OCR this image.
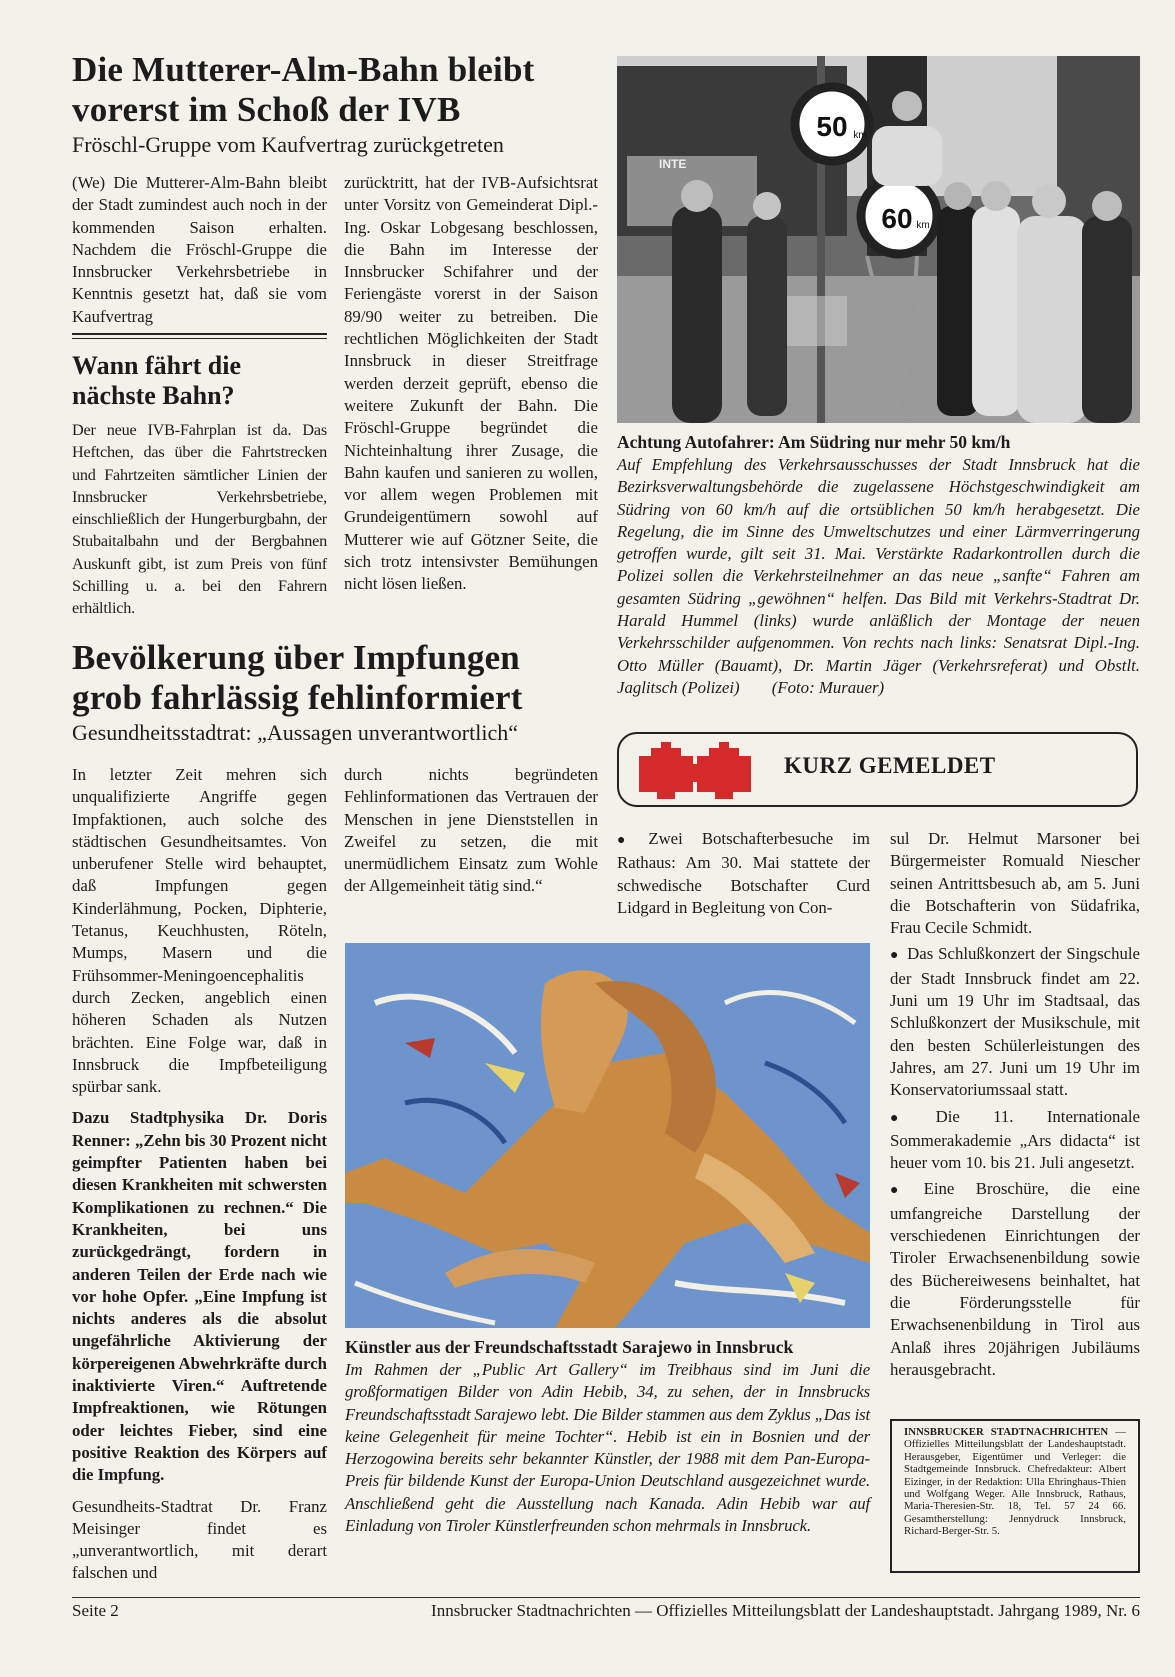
Die Mutterer-Alm-Bahn bleibt
vorerst im Schoß der IVB
Fröschl-Gruppe vom Kaufvertrag zurückgetreten

(We) Die Mutterer-Alm-Bahn bleibt der Stadt zumindest auch noch in der kommenden Saison erhalten. Nachdem die Fröschl-Gruppe die Innsbrucker Verkehrsbetriebe in Kenntnis gesetzt hat, daß sie vom Kaufvertrag

Wann fährt die
nächste Bahn?
Der neue IVB-Fahrplan ist da. Das Heftchen, das über die Fahrtstrecken und Fahrtzeiten sämtlicher Linien der Innsbrucker Verkehrsbetriebe, einschließlich der Hungerburgbahn, der Stubaitalbahn und der Bergbahnen Auskunft gibt, ist zum Preis von fünf Schilling u. a. bei den Fahrern erhältlich.

zurücktritt, hat der IVB-Aufsichtsrat unter Vorsitz von Gemeinderat Dipl.-Ing. Oskar Lobgesang beschlossen, die Bahn im Interesse der Innsbrucker Schifahrer und der Feriengäste vorerst in der Saison 89/90 weiter zu betreiben. Die rechtlichen Möglichkeiten der Stadt Innsbruck in dieser Streitfrage werden derzeit geprüft, ebenso die weitere Zukunft der Bahn. Die Fröschl-Gruppe begründet die Nichteinhaltung ihrer Zusage, die Bahn kaufen und sanieren zu wollen, vor allem wegen Problemen mit Grundeigentümern sowohl auf Mutterer wie auf Götzner Seite, die sich trotz intensivster Bemühungen nicht lösen ließen.

50 km
60 km
INTE
Achtung Autofahrer: Am Südring nur mehr 50 km/h
Auf Empfehlung des Verkehrsausschusses der Stadt Innsbruck hat die Bezirksverwaltungsbehörde die zugelassene Höchstgeschwindigkeit am Südring von 60 km/h auf die ortsüblichen 50 km/h herabgesetzt. Die Regelung, die im Sinne des Umweltschutzes und einer Lärmverringerung getroffen wurde, gilt seit 31. Mai. Verstärkte Radarkontrollen durch die Polizei sollen die Verkehrsteilnehmer an das neue „sanfte“ Fahren am gesamten Südring „gewöhnen“ helfen. Das Bild mit Verkehrs-Stadtrat Dr. Harald Hummel (links) wurde anläßlich der Montage der neuen Verkehrsschilder aufgenommen. Von rechts nach links: Senatsrat Dipl.-Ing. Otto Müller (Bauamt), Dr. Martin Jäger (Verkehrsreferat) und Obstlt. Jaglitsch (Polizei) (Foto: Murauer)
Bevölkerung über Impfungen
grob fahrlässig fehlinformiert
Gesundheitsstadtrat: „Aussagen unverantwortlich“

In letzter Zeit mehren sich unqualifizierte Angriffe gegen Impfaktionen, auch solche des städtischen Gesundheitsamtes. Von unberufener Stelle wird behauptet, daß Impfungen gegen Kinderlähmung, Pocken, Diphterie, Tetanus, Keuchhusten, Röteln, Mumps, Masern und die Frühsommer-Meningoencephalitis durch Zecken, angeblich einen höheren Schaden als Nutzen brächten. Eine Folge war, daß in Innsbruck die Impfbeteiligung spürbar sank.

Dazu Stadtphysika Dr. Doris Renner: „Zehn bis 30 Prozent nicht geimpfter Patienten haben bei diesen Krankheiten mit schwersten Komplikationen zu rechnen.“ Die Krankheiten, bei uns zurückgedrängt, fordern in anderen Teilen der Erde nach wie vor hohe Opfer. „Eine Impfung ist nichts anderes als die absolut ungefährliche Aktivierung der körpereigenen Abwehrkräfte durch inaktivierte Viren.“ Auftretende Impfreaktionen, wie Rötungen oder leichtes Fieber, sind eine positive Reaktion des Körpers auf die Impfung.

Gesundheits-Stadtrat Dr. Franz Meisinger findet es „unverantwortlich, mit derart falschen und

durch nichts begründeten Fehlinformationen das Vertrauen der Menschen in jene Dienststellen in Zweifel zu setzen, die mit unermüdlichem Einsatz zum Wohle der Allgemeinheit tätig sind.“

Künstler aus der Freundschaftsstadt Sarajewo in Innsbruck
Im Rahmen der „Public Art Gallery“ im Treibhaus sind im Juni die großformatigen Bilder von Adin Hebib, 34, zu sehen, der in Innsbrucks Freundschaftsstadt Sarajewo lebt. Die Bilder stammen aus dem Zyklus „Das ist keine Gelegenheit für meine Tochter“. Hebib ist ein in Bosnien und der Herzogowina bereits sehr bekannter Künstler, der 1988 mit dem Pan-Europa-Preis für bildende Kunst der Europa-Union Deutschland ausgezeichnet wurde. Anschließend geht die Ausstellung nach Kanada. Adin Hebib war auf Einladung von Tiroler Künstlerfreunden schon mehrmals in Innsbruck.
KURZ GEMELDET

● Zwei Botschafterbesuche im Rathaus: Am 30. Mai stattete der schwedische Botschafter Curd Lidgard in Begleitung von Con-

sul Dr. Helmut Marsoner bei Bürgermeister Romuald Niescher seinen Antrittsbesuch ab, am 5. Juni die Botschafterin von Südafrika, Frau Cecile Schmidt.

● Das Schlußkonzert der Singschule der Stadt Innsbruck findet am 22. Juni um 19 Uhr im Stadtsaal, das Schlußkonzert der Musikschule, mit den besten Schülerleistungen des Jahres, am 27. Juni um 19 Uhr im Konservatoriumssaal statt.

● Die 11. Internationale Sommerakademie „Ars didacta“ ist heuer vom 10. bis 21. Juli angesetzt.

● Eine Broschüre, die eine umfangreiche Darstellung der verschiedenen Einrichtungen der Tiroler Erwachsenenbildung sowie des Büchereiwesens beinhaltet, hat die Förderungsstelle für Erwachsenenbildung in Tirol aus Anlaß ihres 20jährigen Jubiläums herausgebracht.

INNSBRUCKER STADTNACHRICHTEN — Offizielles Mitteilungsblatt der Landeshauptstadt. Herausgeber, Eigentümer und Verleger: die Stadtgemeinde Innsbruck. Chefredakteur: Albert Eizinger, in der Redaktion: Ulla Ehringhaus-Thien und Wolfgang Weger. Alle Innsbruck, Rathaus, Maria-Theresien-Str. 18, Tel. 57 24 66. Gesamtherstellung: Jennydruck Innsbruck, Richard-Berger-Str. 5.
Seite 2	Innsbrucker Stadtnachrichten — Offizielles Mitteilungsblatt der Landeshauptstadt. Jahrgang 1989, Nr. 6
